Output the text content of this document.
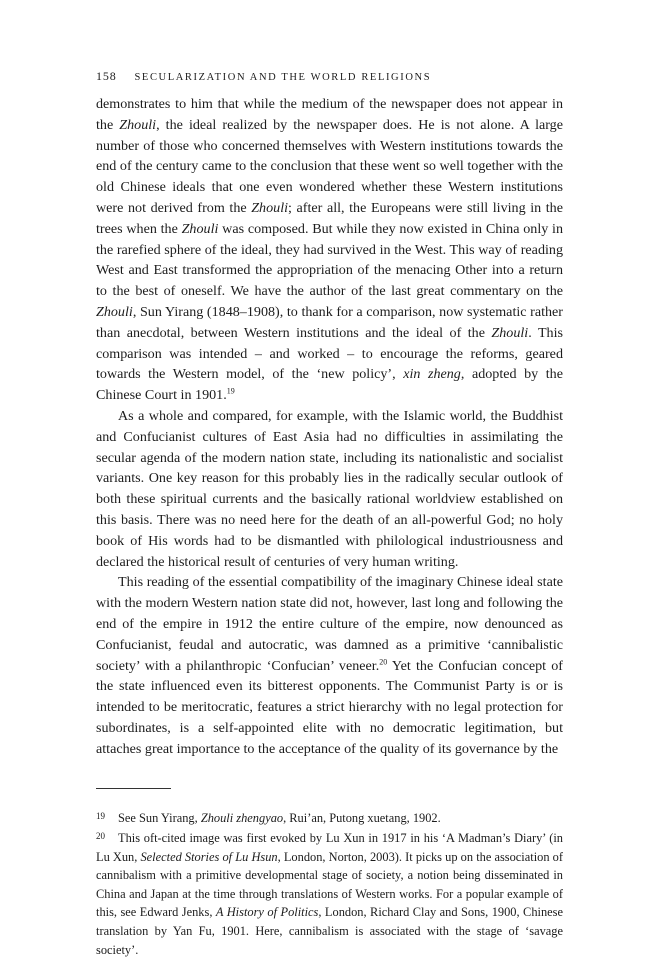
158 SECULARIZATION AND THE WORLD RELIGIONS

demonstrates to him that while the medium of the newspaper does not appear in the Zhouli, the ideal realized by the newspaper does. He is not alone. A large number of those who concerned themselves with Western institutions towards the end of the century came to the conclusion that these went so well together with the old Chinese ideals that one even wondered whether these Western institutions were not derived from the Zhouli; after all, the Europeans were still living in the trees when the Zhouli was composed. But while they now existed in China only in the rarefied sphere of the ideal, they had survived in the West. This way of reading West and East transformed the appropriation of the menacing Other into a return to the best of oneself. We have the author of the last great commentary on the Zhouli, Sun Yirang (1848–1908), to thank for a comparison, now systematic rather than anecdotal, between Western institutions and the ideal of the Zhouli. This comparison was intended – and worked – to encourage the reforms, geared towards the Western model, of the ‘new policy’, xin zheng, adopted by the Chinese Court in 1901.19

As a whole and compared, for example, with the Islamic world, the Buddhist and Confucianist cultures of East Asia had no difficulties in assimilating the secular agenda of the modern nation state, including its nationalistic and socialist variants. One key reason for this probably lies in the radically secular outlook of both these spiritual currents and the basically rational worldview established on this basis. There was no need here for the death of an all-powerful God; no holy book of His words had to be dismantled with philological industriousness and declared the historical result of centuries of very human writing.

This reading of the essential compatibility of the imaginary Chinese ideal state with the modern Western nation state did not, however, last long and following the end of the empire in 1912 the entire culture of the empire, now denounced as Confucianist, feudal and autocratic, was damned as a primitive ‘cannibalistic society’ with a philanthropic ‘Confucian’ veneer.$^{20}$ Yet the Confucian concept of the state influenced even its bitterest opponents. The Communist Party is or is intended to be meritocratic, features a strict hierarchy with no legal protection for subordinates, is a self-appointed elite with no democratic legitimation, but attaches great importance to the acceptance of the quality of its governance by the

19 See Sun Yirang, Zhouli zhengyao, Rui’an, Putong xuetang, 1902.

20 This oft-cited image was first evoked by Lu Xun in 1917 in his ‘A Madman’s Diary’ (in Lu Xun, Selected Stories of Lu Hsun, London, Norton, 2003). It picks up on the association of cannibalism with a primitive developmental stage of society, a notion being disseminated in China and Japan at the time through translations of Western works. For a popular example of this, see Edward Jenks, A History of Politics, London, Richard Clay and Sons, 1900, Chinese translation by Yan Fu, 1901. Here, cannibalism is associated with the stage of ‘savage society’.
